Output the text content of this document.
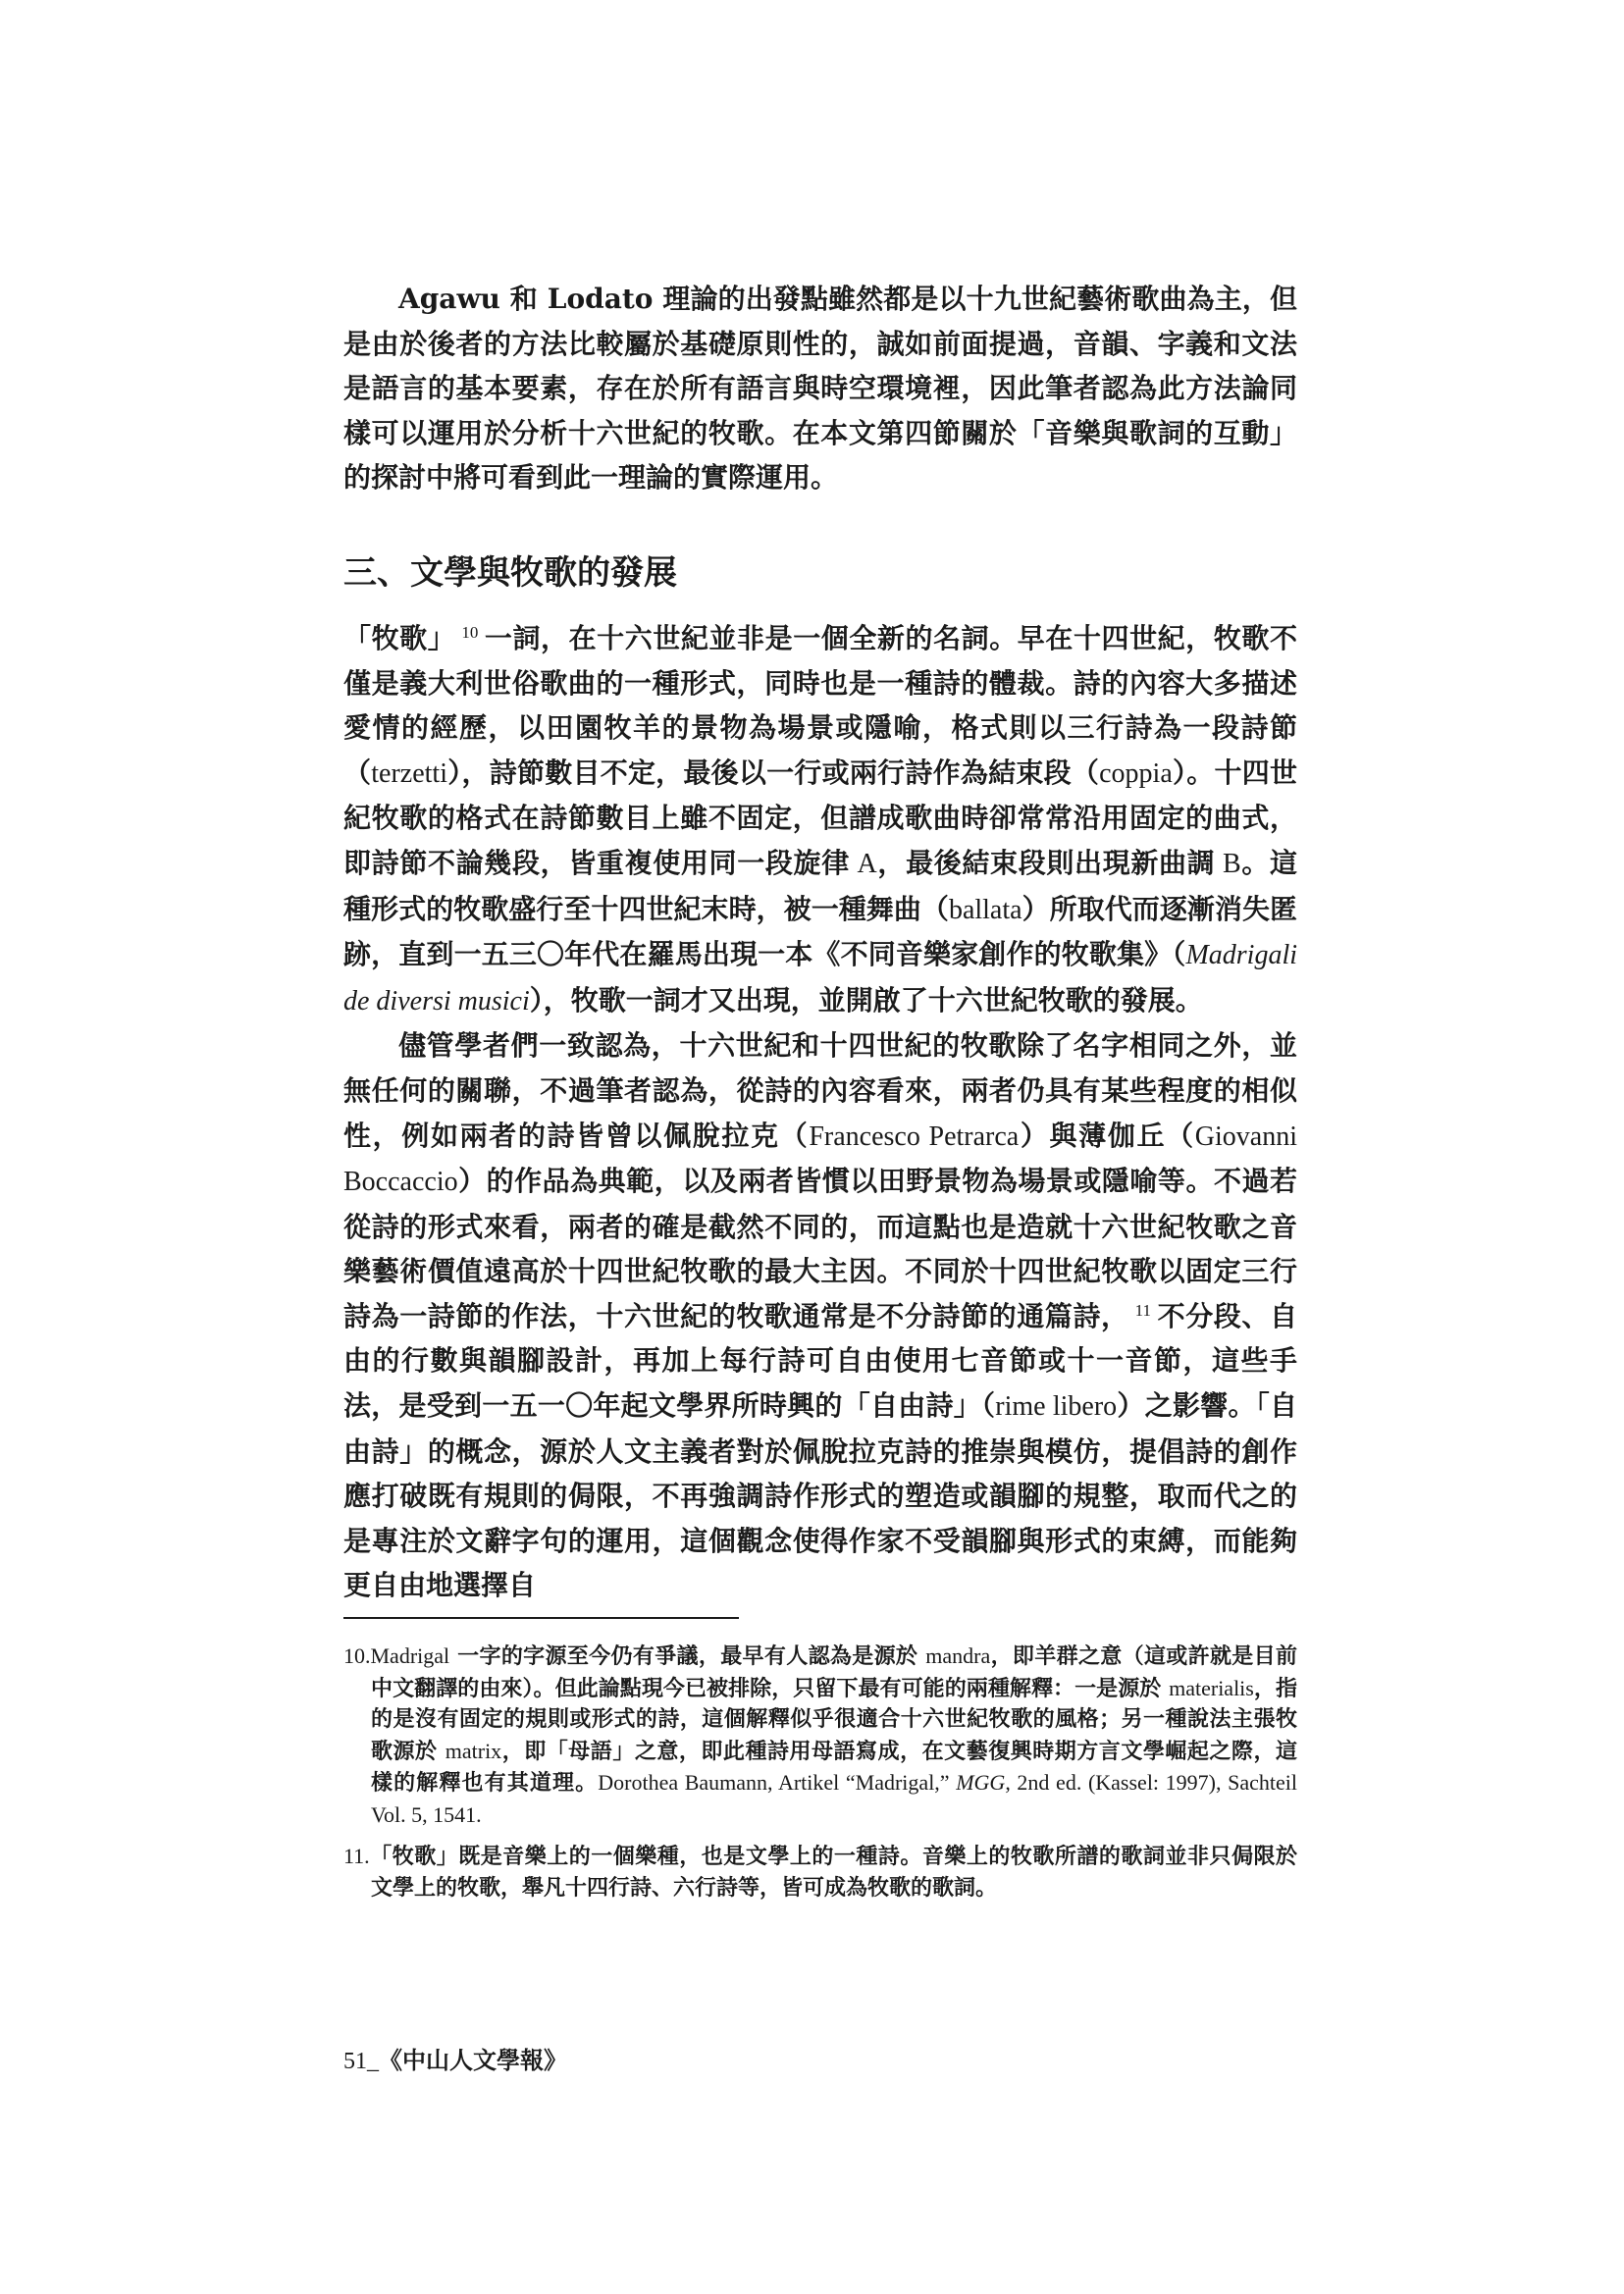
Agawu 和 Lodato 理論的出發點雖然都是以十九世紀藝術歌曲為主，但是由於後者的方法比較屬於基礎原則性的，誠如前面提過，音韻、字義和文法是語言的基本要素，存在於所有語言與時空環境裡，因此筆者認為此方法論同樣可以運用於分析十六世紀的牧歌。在本文第四節關於「音樂與歌詞的互動」的探討中將可看到此一理論的實際運用。

三、文學與牧歌的發展

「牧歌」 $^{10}$ 一詞，在十六世紀並非是一個全新的名詞。早在十四世紀，牧歌不僅是義大利世俗歌曲的一種形式，同時也是一種詩的體裁。詩的內容大多描述愛情的經歷，以田園牧羊的景物為場景或隱喻，格式則以三行詩為一段詩節（terzetti），詩節數目不定，最後以一行或兩行詩作為結束段（coppia）。十四世紀牧歌的格式在詩節數目上雖不固定，但譜成歌曲時卻常常沿用固定的曲式，即詩節不論幾段，皆重複使用同一段旋律 A，最後結束段則出現新曲調 B。這種形式的牧歌盛行至十四世紀末時，被一種舞曲（ballata）所取代而逐漸消失匿跡，直到一五三〇年代在羅馬出現一本《不同音樂家創作的牧歌集》（Madrigali de diversi musici），牧歌一詞才又出現，並開啟了十六世紀牧歌的發展。

儘管學者們一致認為，十六世紀和十四世紀的牧歌除了名字相同之外，並無任何的關聯，不過筆者認為，從詩的內容看來，兩者仍具有某些程度的相似性，例如兩者的詩皆曾以佩脫拉克（Francesco Petrarca）與薄伽丘（Giovanni Boccaccio）的作品為典範，以及兩者皆慣以田野景物為場景或隱喻等。不過若從詩的形式來看，兩者的確是截然不同的，而這點也是造就十六世紀牧歌之音樂藝術價值遠高於十四世紀牧歌的最大主因。不同於十四世紀牧歌以固定三行詩為一詩節的作法，十六世紀的牧歌通常是不分詩節的通篇詩， $^{11}$ 不分段、自由的行數與韻腳設計，再加上每行詩可自由使用七音節或十一音節，這些手法，是受到一五一〇年起文學界所時興的「自由詩」（rime libero）之影響。「自由詩」的概念，源於人文主義者對於佩脫拉克詩的推崇與模仿，提倡詩的創作應打破既有規則的侷限，不再強調詩作形式的塑造或韻腳的規整，取而代之的是專注於文辭字句的運用，這個觀念使得作家不受韻腳與形式的束縛，而能夠更自由地選擇自

10.Madrigal 一字的字源至今仍有爭議，最早有人認為是源於 mandra，即羊群之意（這或許就是目前中文翻譯的由來）。但此論點現今已被排除，只留下最有可能的兩種解釋：一是源於 materialis，指的是沒有固定的規則或形式的詩，這個解釋似乎很適合十六世紀牧歌的風格；另一種說法主張牧歌源於 matrix，即「母語」之意，即此種詩用母語寫成，在文藝復興時期方言文學崛起之際，這樣的解釋也有其道理。Dorothea Baumann, Artikel “Madrigal,” MGG, 2nd ed. (Kassel: 1997), Sachteil Vol. 5, 1541.

11.「牧歌」既是音樂上的一個樂種，也是文學上的一種詩。音樂上的牧歌所譜的歌詞並非只侷限於文學上的牧歌，舉凡十四行詩、六行詩等，皆可成為牧歌的歌詞。

51_《中山人文學報》
